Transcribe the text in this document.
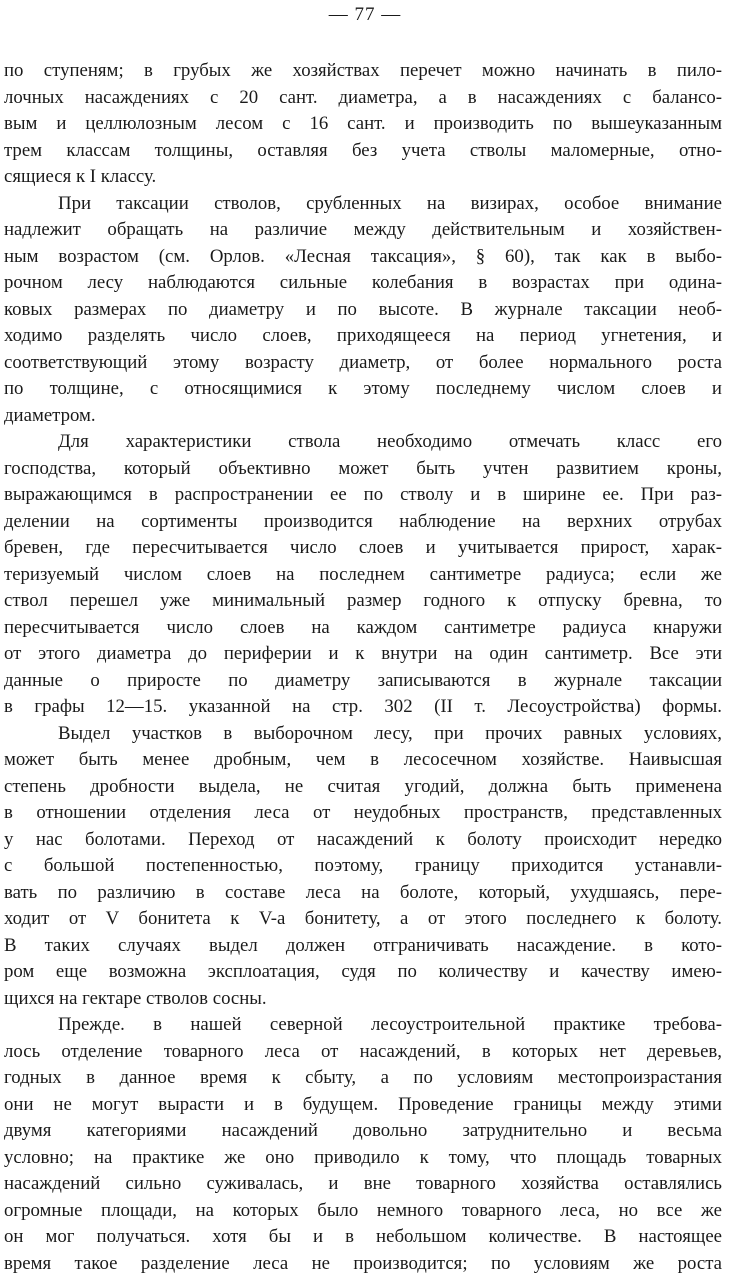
— 77 —
по ступеням; в грубых же хозяйствах перечет можно начинать в пило-
лочных насаждениях с 20 сант. диаметра, а в насаждениях с балансо-
вым и целлюлозным лесом с 16 сант. и производить по вышеуказанным
трем классам толщины, оставляя без учета стволы маломерные, отно-
сящиеся к I классу.
При таксации стволов, срубленных на визирах, особое внимание
надлежит обращать на различие между действительным и хозяйствен-
ным возрастом (см. Орлов. «Лесная таксация», § 60), так как в выбо-
рочном лесу наблюдаются сильные колебания в возрастах при одина-
ковых размерах по диаметру и по высоте. В журнале таксации необ-
ходимо разделять число слоев, приходящееся на период угнетения, и
соответствующий этому возрасту диаметр, от более нормального роста
по толщине, с относящимися к этому последнему числом слоев и
диаметром.
Для характеристики ствола необходимо отмечать класс его
господства, который объективно может быть учтен развитием кроны,
выражающимся в распространении ее по стволу и в ширине ее. При раз-
делении на сортименты производится наблюдение на верхних отрубах
бревен, где пересчитывается число слоев и учитывается прирост, харак-
теризуемый числом слоев на последнем сантиметре радиуса; если же
ствол перешел уже минимальный размер годного к отпуску бревна, то
пересчитывается число слоев на каждом сантиметре радиуса кнаружи
от этого диаметра до периферии и к внутри на один сантиметр. Все эти
данные о приросте по диаметру записываются в журнале таксации
в графы 12—15. указанной на стр. 302 (II т. Лесоустройства) формы.
Выдел участков в выборочном лесу, при прочих равных условиях,
может быть менее дробным, чем в лесосечном хозяйстве. Наивысшая
степень дробности выдела, не считая угодий, должна быть применена
в отношении отделения леса от неудобных пространств, представленных
у нас болотами. Переход от насаждений к болоту происходит нередко
с большой постепенностью, поэтому, границу приходится устанавли-
вать по различию в составе леса на болоте, который, ухудшаясь, пере-
ходит от V бонитета к V-а бонитету, а от этого последнего к болоту.
В таких случаях выдел должен отграничивать насаждение. в кото-
ром еще возможна эксплоатация, судя по количеству и качеству имею-
щихся на гектаре стволов сосны.
Прежде. в нашей северной лесоустроительной практике требова-
лось отделение товарного леса от насаждений, в которых нет деревьев,
годных в данное время к сбыту, а по условиям местопроизрастания
они не могут вырасти и в будущем. Проведение границы между этими
двумя категориями насаждений довольно затруднительно и весьма
условно; на практике же оно приводило к тому, что площадь товарных
насаждений сильно суживалась, и вне товарного хозяйства оставлялись
огромные площади, на которых было немного товарного леса, но все же
он мог получаться. хотя бы и в небольшом количестве. В настоящее
время такое разделение леса не производится; по условиям же роста
